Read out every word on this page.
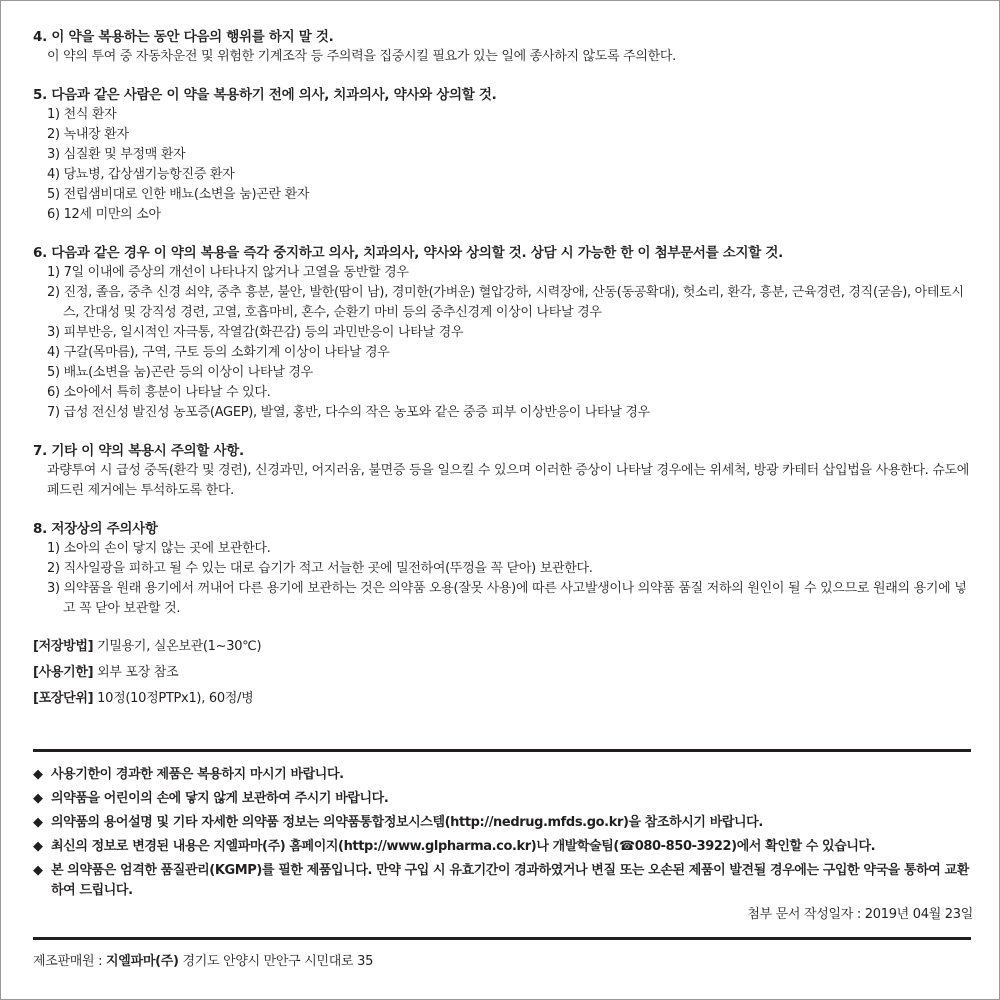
4. 이 약을 복용하는 동안 다음의 행위를 하지 말 것.
이 약의 투여 중 자동차운전 및 위험한 기계조작 등 주의력을 집중시킬 필요가 있는 일에 종사하지 않도록 주의한다.
5. 다음과 같은 사람은 이 약을 복용하기 전에 의사, 치과의사, 약사와 상의할 것.
1) 천식 환자
2) 녹내장 환자
3) 심질환 및 부정맥 환자
4) 당뇨병, 갑상샘기능항진증 환자
5) 전립샘비대로 인한 배뇨(소변을 눔)곤란 환자
6) 12세 미만의 소아
6. 다음과 같은 경우 이 약의 복용을 즉각 중지하고 의사, 치과의사, 약사와 상의할 것. 상담 시 가능한 한 이 첨부문서를 소지할 것.
1) 7일 이내에 증상의 개선이 나타나지 않거나 고열을 동반할 경우
2) 진정, 졸음, 중추 신경 쇠약, 중추 흥분, 불안, 발한(땀이 남), 경미한(가벼운) 혈압강하, 시력장애, 산동(동공확대), 헛소리, 환각, 흥분, 근육경련, 경직(굳음), 아테토시스, 간대성 및 강직성 경련, 고열, 호흡마비, 혼수, 순환기 마비 등의 중추신경계 이상이 나타날 경우
3) 피부반응, 일시적인 자극통, 작열감(화끈감) 등의 과민반응이 나타날 경우
4) 구갈(목마름), 구역, 구토 등의 소화기계 이상이 나타날 경우
5) 배뇨(소변을 눔)곤란 등의 이상이 나타날 경우
6) 소아에서 특히 흥분이 나타날 수 있다.
7) 급성 전신성 발진성 농포증(AGEP), 발열, 홍반, 다수의 작은 농포와 같은 중증 피부 이상반응이 나타날 경우
7. 기타 이 약의 복용시 주의할 사항.
과량투여 시 급성 중독(환각 및 경련), 신경과민, 어지러움, 불면증 등을 일으킬 수 있으며 이러한 증상이 나타날 경우에는 위세척, 방광 카테터 삽입법을 사용한다. 슈도에페드린 제거에는 투석하도록 한다.
8. 저장상의 주의사항
1) 소아의 손이 닿지 않는 곳에 보관한다.
2) 직사일광을 피하고 될 수 있는 대로 습기가 적고 서늘한 곳에 밀전하여(뚜껑을 꼭 닫아) 보관한다.
3) 의약품을 원래 용기에서 꺼내어 다른 용기에 보관하는 것은 의약품 오용(잘못 사용)에 따른 사고발생이나 의약품 품질 저하의 원인이 될 수 있으므로 원래의 용기에 넣고 꼭 닫아 보관할 것.
[저장방법] 기밀용기, 실온보관(1~30℃)
[사용기한] 외부 포장 참조
[포장단위] 10정(10정PTPx1), 60정/병
◆ 사용기한이 경과한 제품은 복용하지 마시기 바랍니다.
◆ 의약품을 어린이의 손에 닿지 않게 보관하여 주시기 바랍니다.
◆ 의약품의 용어설명 및 기타 자세한 의약품 정보는 의약품통합정보시스템(http://nedrug.mfds.go.kr)을 참조하시기 바랍니다.
◆ 최신의 정보로 변경된 내용은 지엘파마(주) 홈페이지(http://www.glpharma.co.kr)나 개발학술팀(☎080-850-3922)에서 확인할 수 있습니다.
◆ 본 의약품은 엄격한 품질관리(KGMP)를 필한 제품입니다. 만약 구입 시 유효기간이 경과하였거나 변질 또는 오손된 제품이 발견될 경우에는 구입한 약국을 통하여 교환하여 드립니다.
첨부 문서 작성일자 : 2019년 04월 23일
제조판매원 : 지엘파마(주) 경기도 안양시 만안구 시민대로 35
